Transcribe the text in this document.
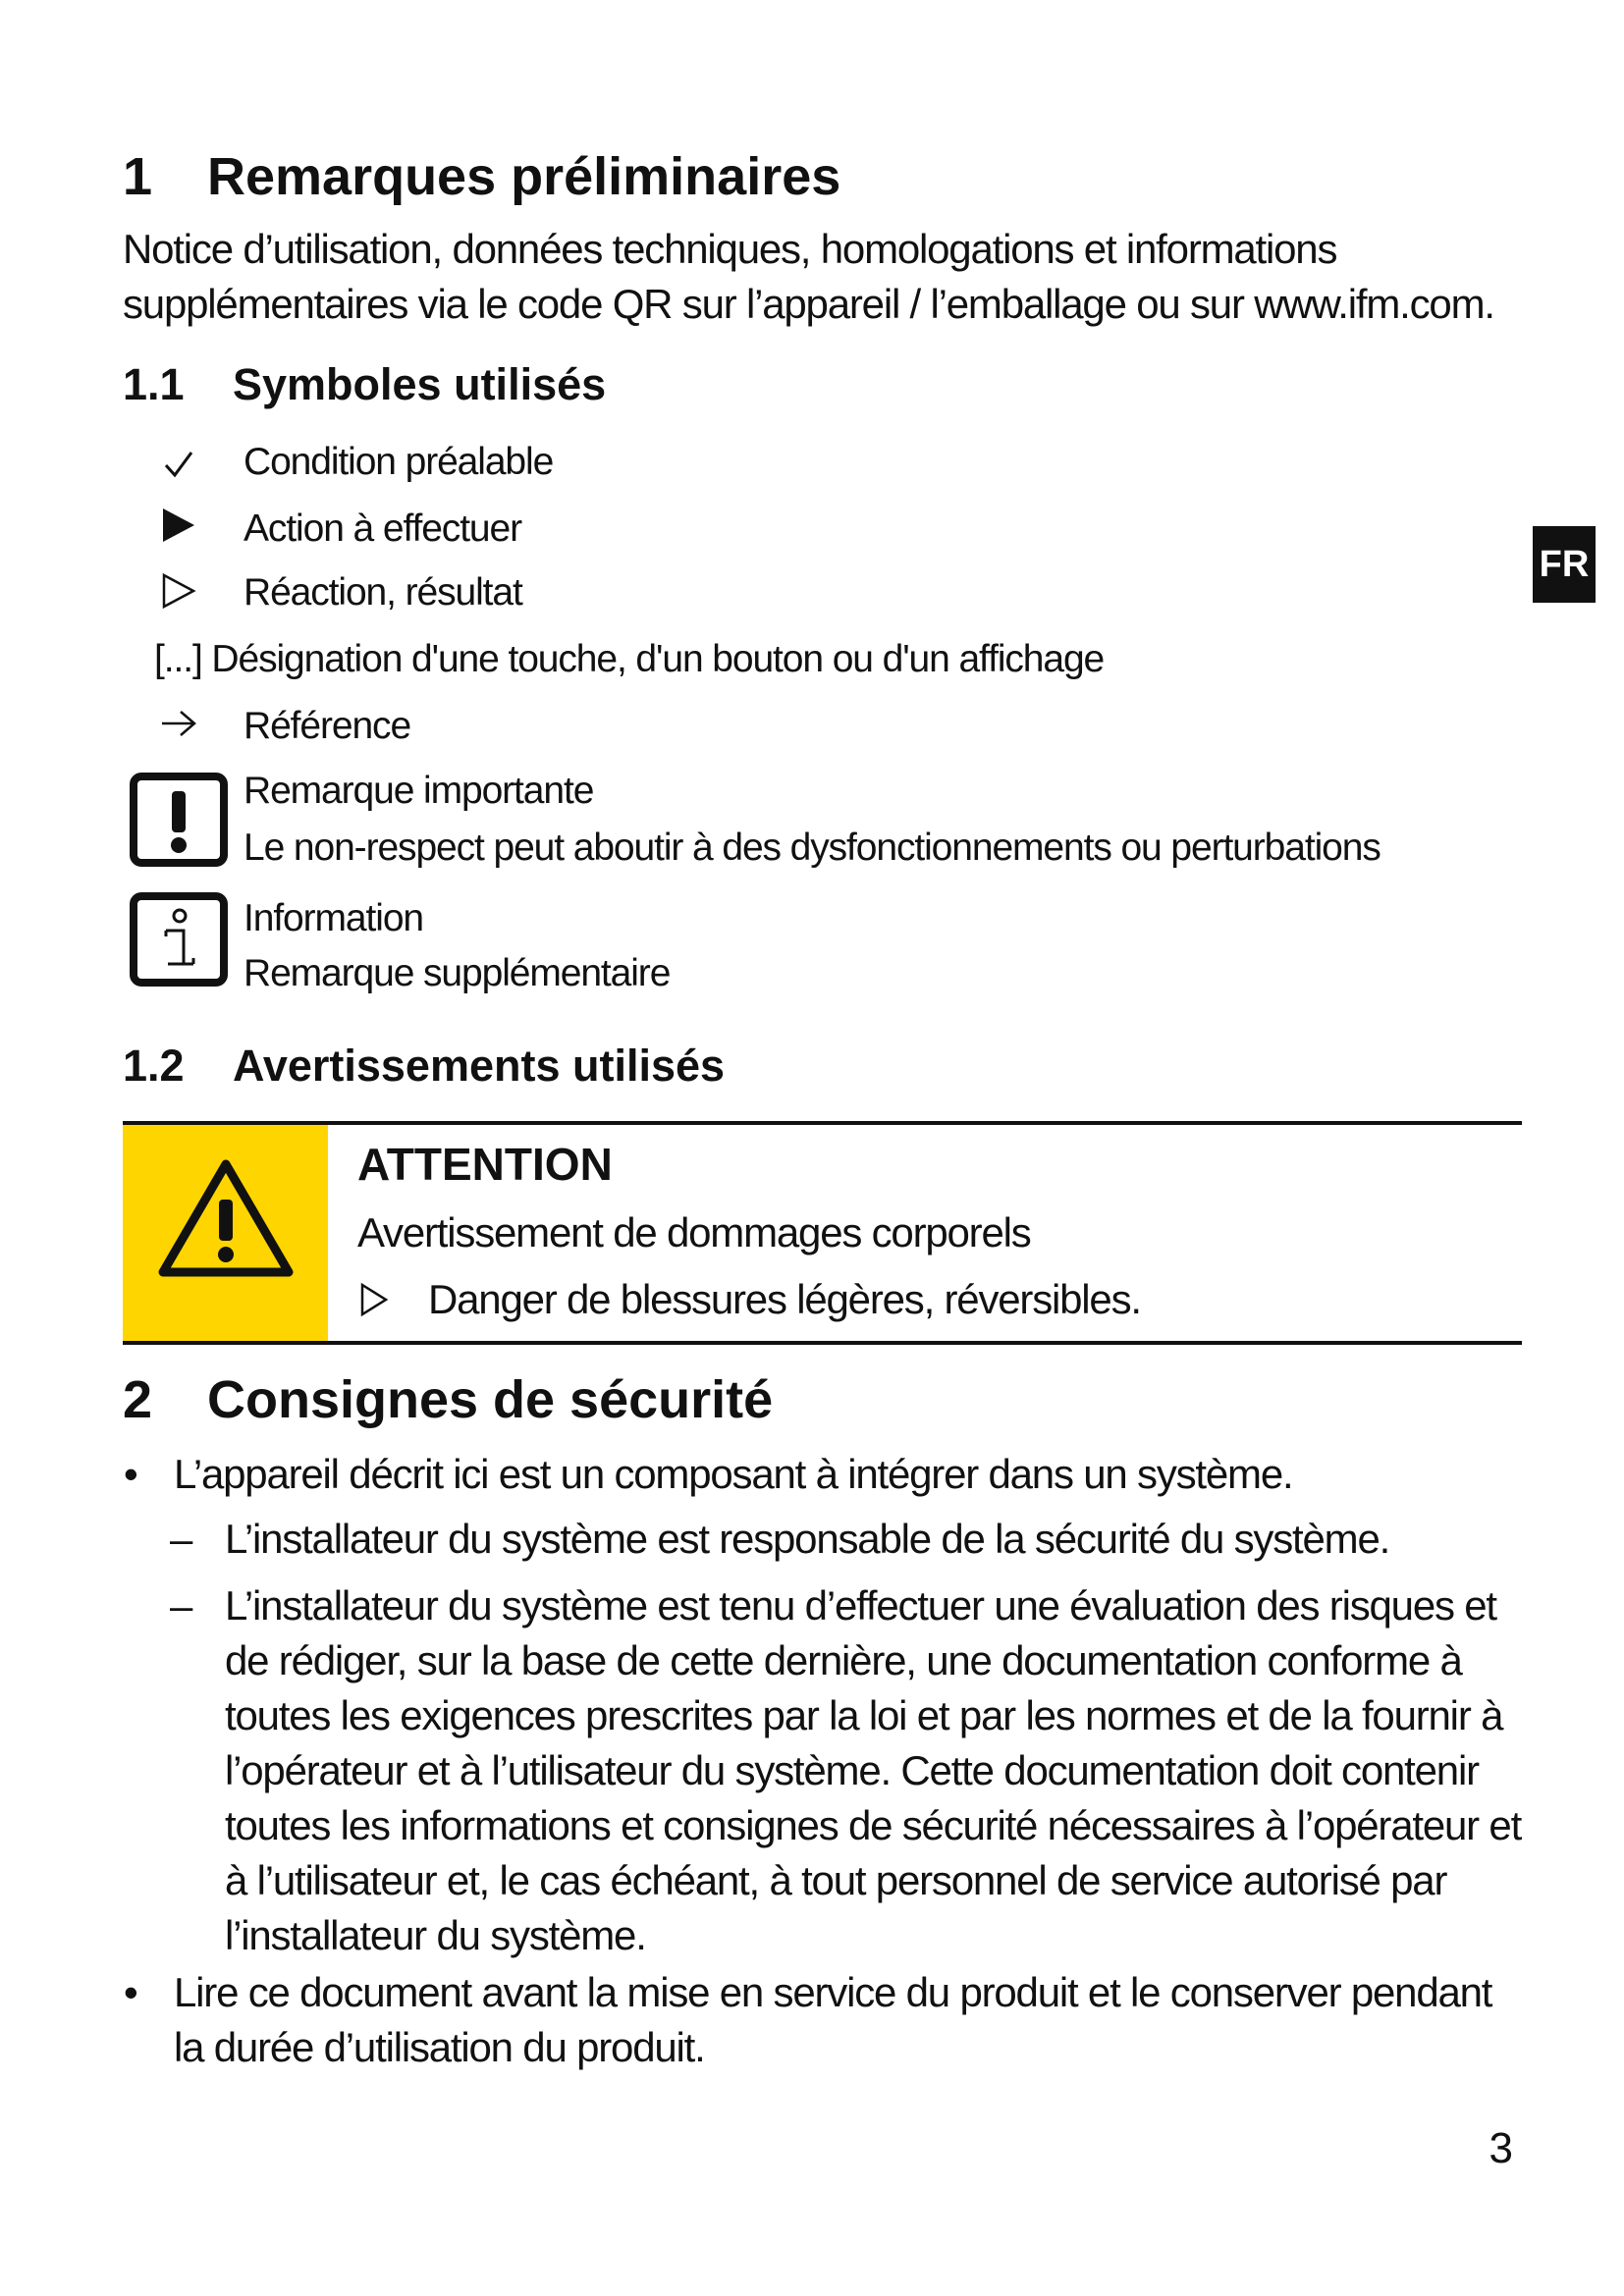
FR
1 Remarques préliminaires
Notice d’utilisation, données techniques, homologations et informations supplémentaires via le code QR sur l’appareil / l’emballage ou sur www.ifm.com.
1.1 Symboles utilisés
Condition préalable
Action à effectuer
Réaction, résultat
[...] Désignation d'une touche, d'un bouton ou d'un affichage
Référence
Remarque importante
Le non-respect peut aboutir à des dysfonctionnements ou perturbations
Information
Remarque supplémentaire
1.2 Avertissements utilisés
ATTENTION
Avertissement de dommages corporels
Danger de blessures légères, réversibles.
2 Consignes de sécurité
• L’appareil décrit ici est un composant à intégrer dans un système.
– L’installateur du système est responsable de la sécurité du système.
– L’installateur du système est tenu d’effectuer une évaluation des risques et
de rédiger, sur la base de cette dernière, une documentation conforme à
toutes les exigences prescrites par la loi et par les normes et de la fournir à
l’opérateur et à l’utilisateur du système. Cette documentation doit contenir
toutes les informations et consignes de sécurité nécessaires à l’opérateur et
à l’utilisateur et, le cas échéant, à tout personnel de service autorisé par
l’installateur du système.
• Lire ce document avant la mise en service du produit et le conserver pendant
la durée d’utilisation du produit.
3
